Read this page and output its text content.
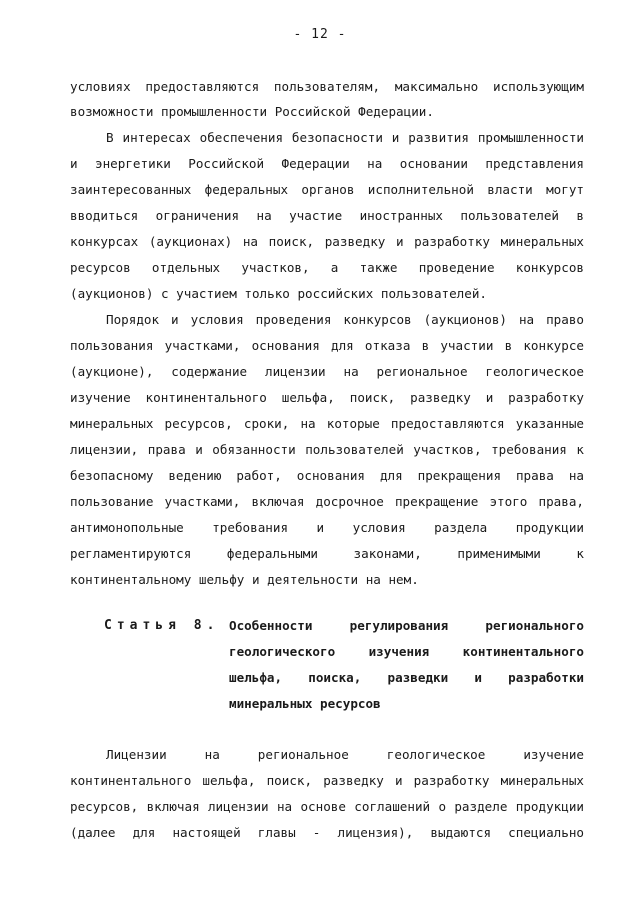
- 12 -
условиях предоставляются пользователям, максимально использующим
возможности промышленности Российской Федерации.
В интересах обеспечения безопасности и развития промышленности
и энергетики Российской Федерации на основании представления
заинтересованных федеральных органов исполнительной власти могут
вводиться ограничения на участие иностранных пользователей в
конкурсах (аукционах) на поиск, разведку и разработку минеральных
ресурсов отдельных участков, а также проведение конкурсов
(аукционов) с участием только российских пользователей.
Порядок и условия проведения конкурсов (аукционов) на право
пользования участками, основания для отказа в участии в конкурсе
(аукционе), содержание лицензии на региональное геологическое
изучение континентального шельфа, поиск, разведку и разработку
минеральных ресурсов, сроки, на которые предоставляются указанные
лицензии, права и обязанности пользователей участков, требования к
безопасному ведению работ, основания для прекращения права на
пользование участками, включая досрочное прекращение этого права,
антимонопольные требования и условия раздела продукции
регламентируются федеральными законами, применимыми к
континентальному шельфу и деятельности на нем.
Статья 8. Особенности регулирования регионального
геологического изучения континентального
шельфа, поиска, разведки и разработки
минеральных ресурсов
Лицензии на региональное геологическое изучение
континентального шельфа, поиск, разведку и разработку минеральных
ресурсов, включая лицензии на основе соглашений о разделе продукции
(далее для настоящей главы - лицензия), выдаются специально
